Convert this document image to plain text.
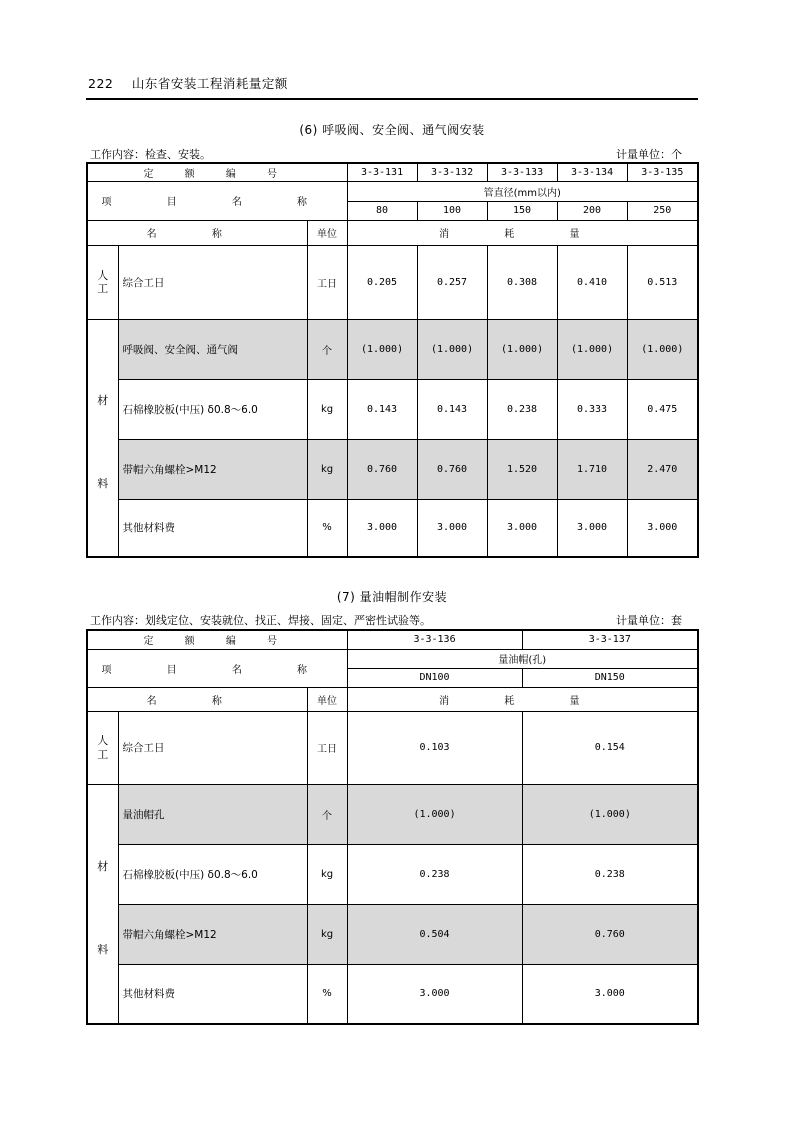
222 山东省安装工程消耗量定额
(6) 呼吸阀、安全阀、通气阀安装
工作内容：检查、安装。	计量单位：个
定 额 编 号			3-3-131	3-3-132	3-3-133	3-3-134	3-3-135
项 目 名 称			管直径(mm以内)				
			80	100	150	200	250
名 称		单位	消 耗 量				

人
工	综合工日	工日	0.205	0.257	0.308	0.410	0.513

材
料	呼吸阀、安全阀、通气阀	个	(1.000)	(1.000)	(1.000)	(1.000)	(1.000)
	石棉橡胶板(中压) δ0.8～6.0	kg	0.143	0.143	0.238	0.333	0.475
	带帽六角螺栓>M12	kg	0.760	0.760	1.520	1.710	2.470
	其他材料费	%	3.000	3.000	3.000	3.000	3.000
(7) 量油帽制作安装
工作内容：划线定位、安装就位、找正、焊接、固定、严密性试验等。	计量单位：套
定 额 编 号			3-3-136	3-3-137
项 目 名 称			量油帽(孔)	
			DN100	DN150
名 称		单位	消 耗 量	

人
工	综合工日	工日	0.103	0.154

材
料	量油帽孔	个	(1.000)	(1.000)
	石棉橡胶板(中压) δ0.8～6.0	kg	0.238	0.238
	带帽六角螺栓>M12	kg	0.504	0.760
	其他材料费	%	3.000	3.000
